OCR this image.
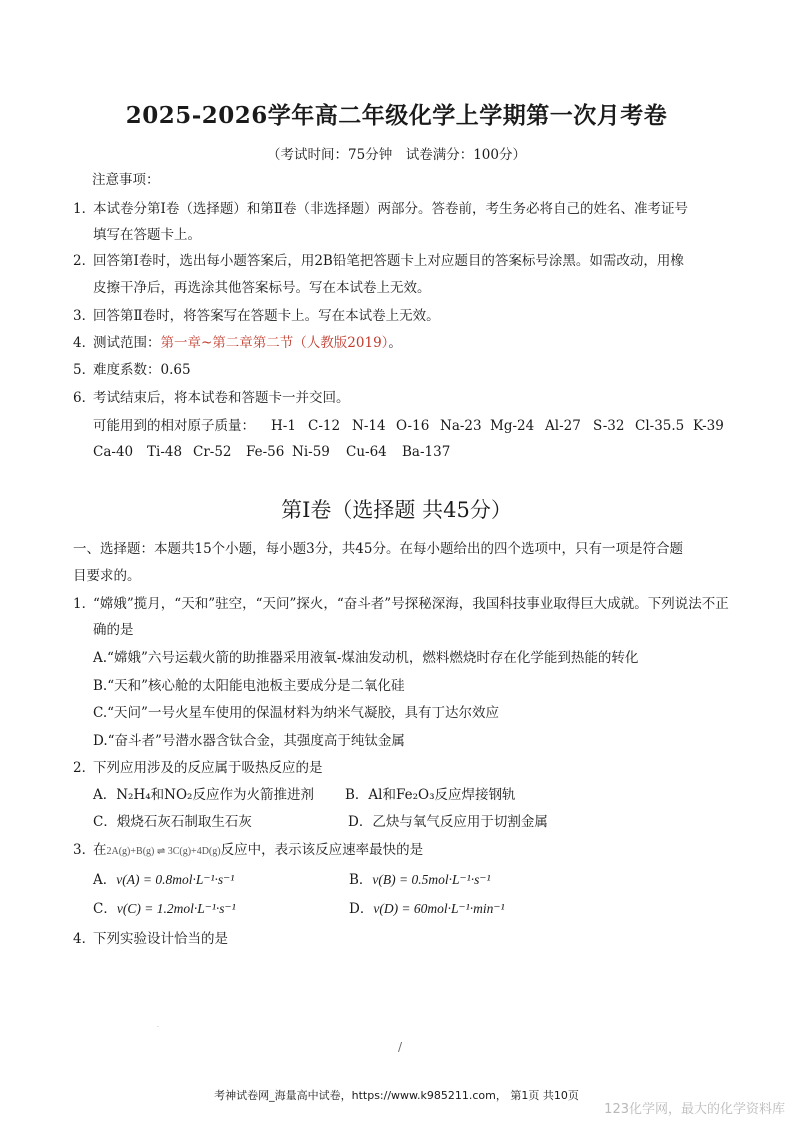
2025-2026学年高二年级化学上学期第一次月考卷
（考试时间：75分钟　试卷满分：100分）
注意事项：
1．本试卷分第Ⅰ卷（选择题）和第Ⅱ卷（非选择题）两部分。答卷前，考生务必将自己的姓名、准考证号
填写在答题卡上。
2．回答第Ⅰ卷时，选出每小题答案后，用2B铅笔把答题卡上对应题目的答案标号涂黑。如需改动，用橡
皮擦干净后，再选涂其他答案标号。写在本试卷上无效。
3．回答第Ⅱ卷时，将答案写在答题卡上。写在本试卷上无效。
4．测试范围：第一章~第二章第二节（人教版2019）。
5．难度系数：0.65
6．考试结束后，将本试卷和答题卡一并交回。
可能用到的相对原子质量： H-1 C-12 N-14 O-16 Na-23 Mg-24 Al-27 S-32 Cl-35.5 K-39
Ca-40 Ti-48 Cr-52 Fe-56 Ni-59 Cu-64 Ba-137
第Ⅰ卷（选择题 共45分）
一、选择题：本题共15个小题，每小题3分，共45分。在每小题给出的四个选项中，只有一项是符合题
目要求的。
1．“嫦娥”揽月，“天和”驻空，“天问”探火，“奋斗者”号探秘深海，我国科技事业取得巨大成就。下列说法不正
确的是
A.“嫦娥”六号运载火箭的助推器采用液氧-煤油发动机，燃料燃烧时存在化学能到热能的转化
B.“天和”核心舱的太阳能电池板主要成分是二氧化硅
C.“天问”一号火星车使用的保温材料为纳米气凝胶，具有丁达尔效应
D.“奋斗者”号潜水器含钛合金，其强度高于纯钛金属
2．下列应用涉及的反应属于吸热反应的是
A．N₂H₄和NO₂反应作为火箭推进剂 B．Al和Fe₂O₃反应焊接钢轨
C．煅烧石灰石制取生石灰	D．乙炔与氧气反应用于切割金属
3．在2A(g)+B(g) ⇌ 3C(g)+4D(g)反应中，表示该反应速率最快的是
A．v(A) = 0.8mol·L⁻¹·s⁻¹	B．v(B) = 0.5mol·L⁻¹·s⁻¹
C．v(C) = 1.2mol·L⁻¹·s⁻¹	D．v(D) = 60mol·L⁻¹·min⁻¹
4．下列实验设计恰当的是
·
/
考神试卷网_海量高中试卷，https://www.k985211.com， 第1页 共10页
123化学网，最大的化学资料库
